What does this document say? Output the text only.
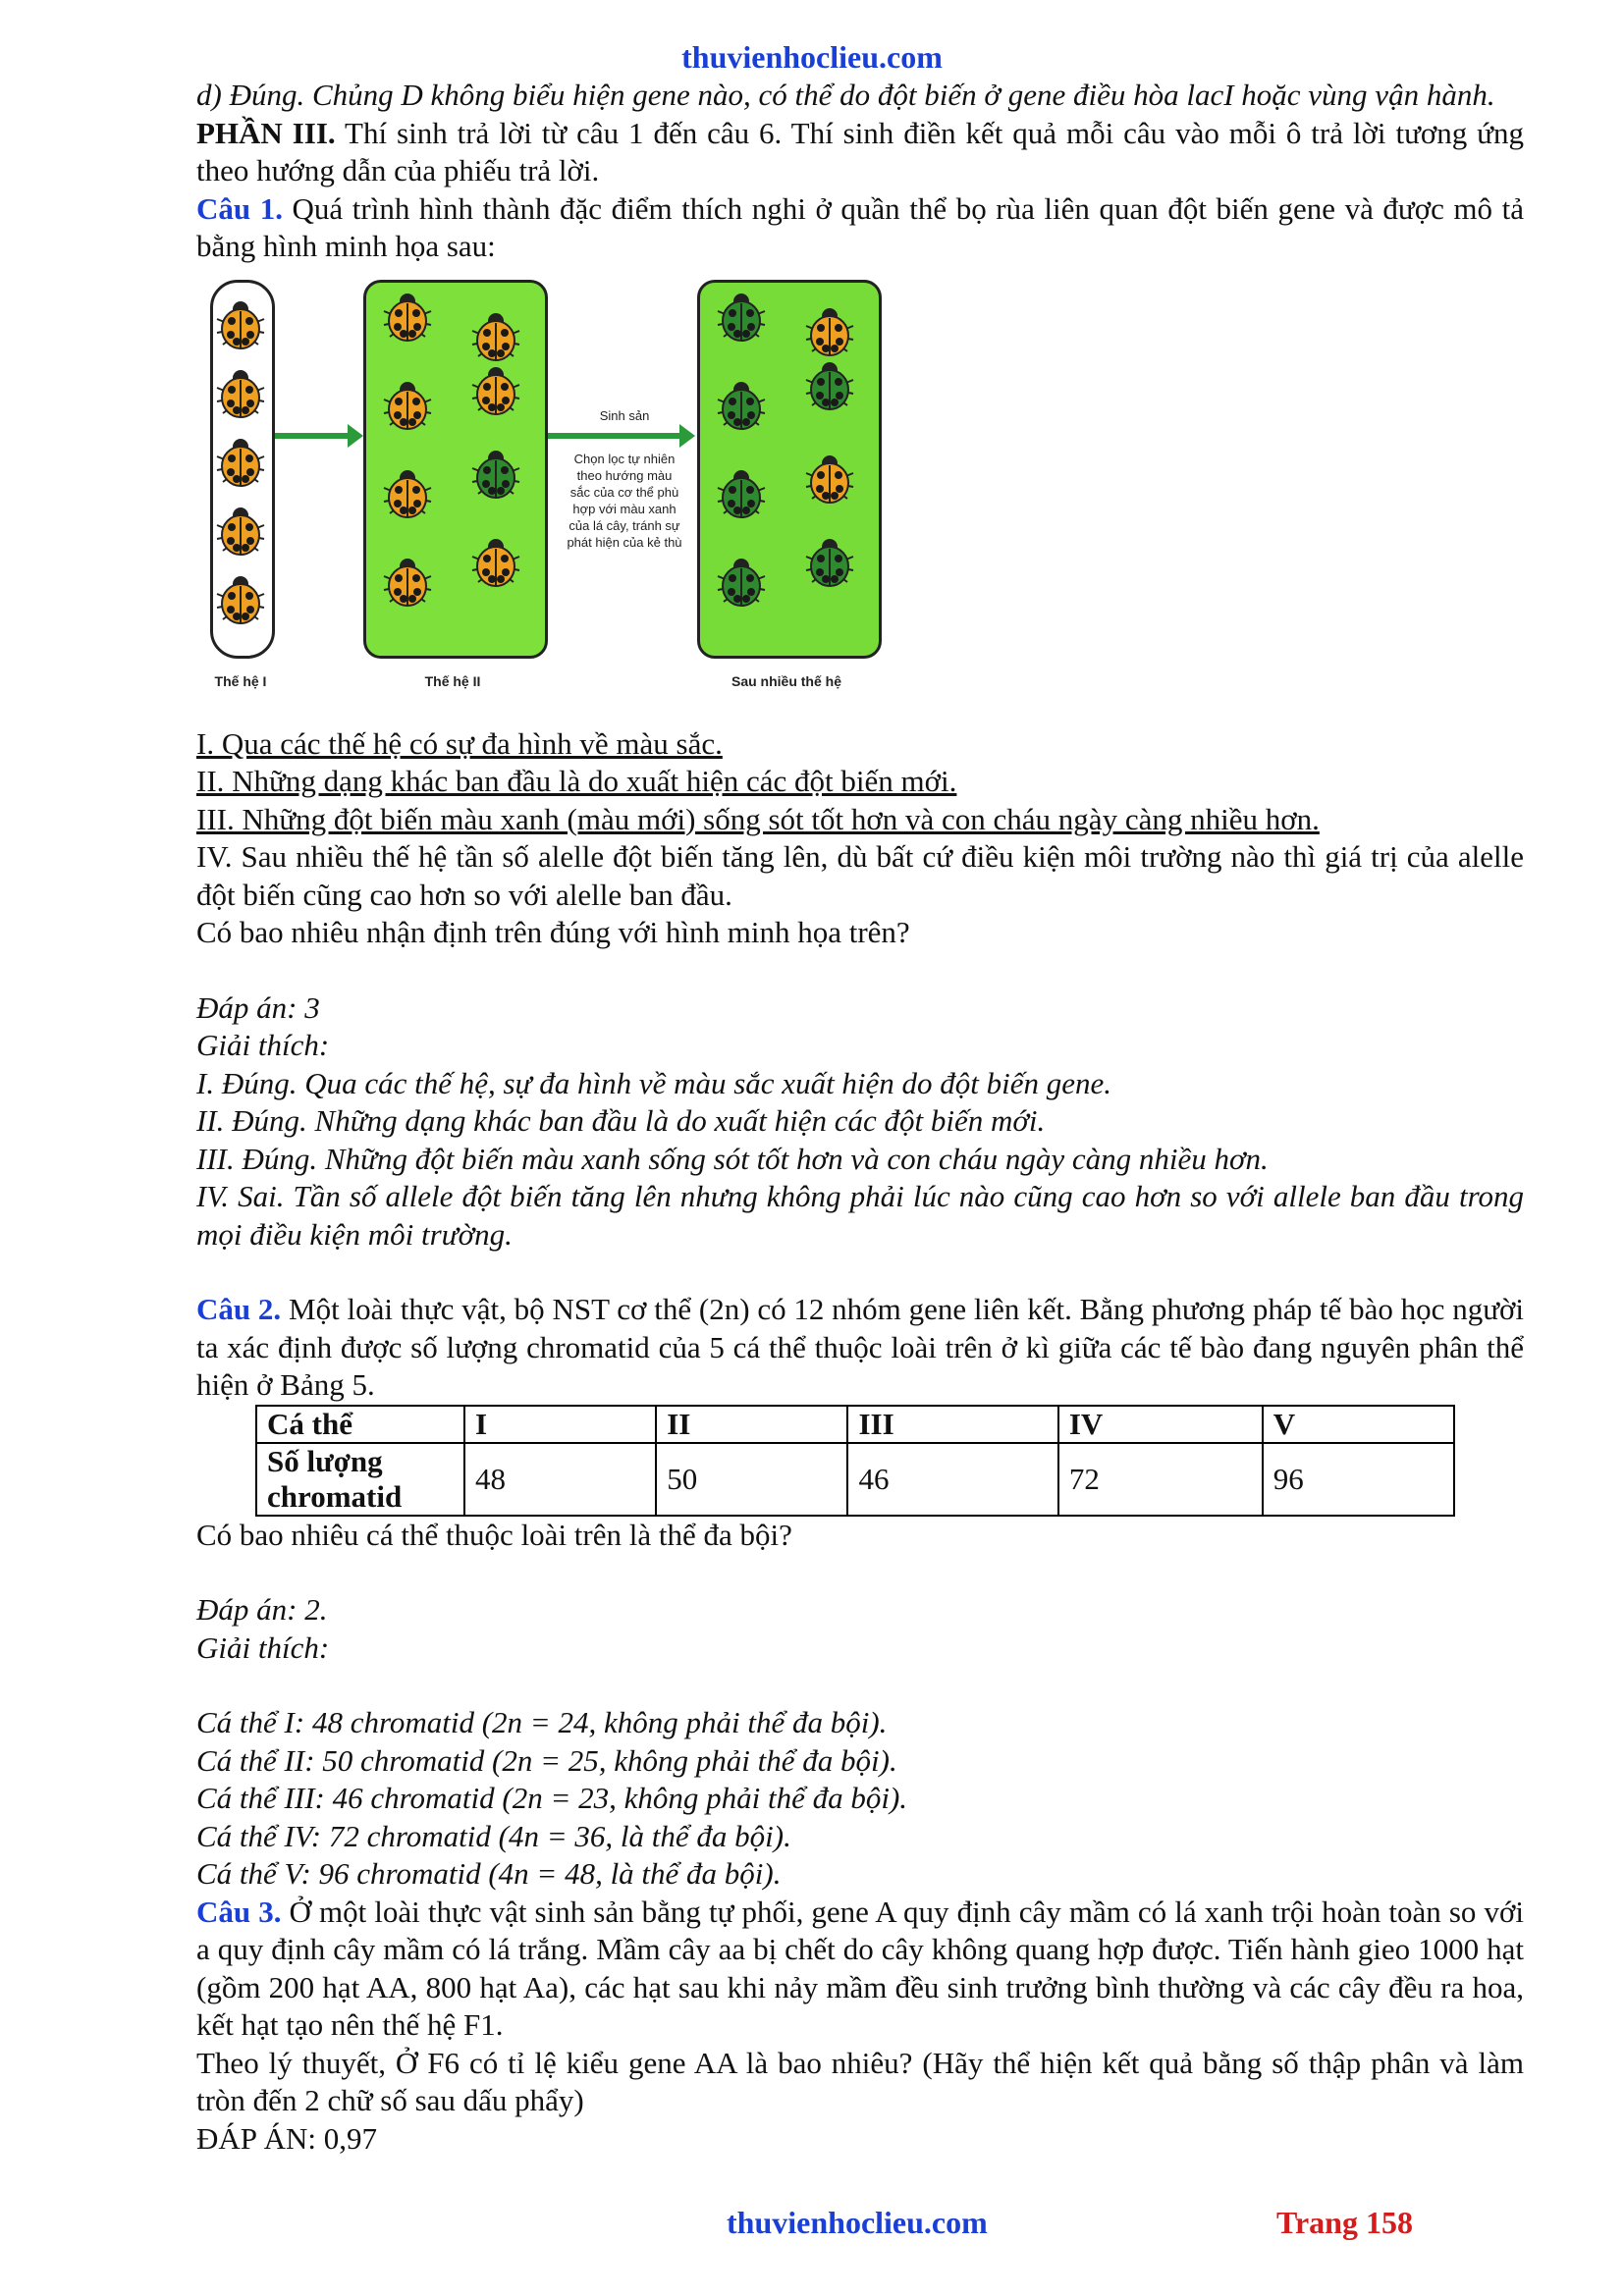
thuvienhoclieu.com

d) Đúng. Chủng D không biểu hiện gene nào, có thể do đột biến ở gene điều hòa lacI hoặc vùng vận hành.

PHẦN III. Thí sinh trả lời từ câu 1 đến câu 6. Thí sinh điền kết quả mỗi câu vào mỗi ô trả lời tương ứng theo hướng dẫn của phiếu trả lời.

Câu 1. Quá trình hình thành đặc điểm thích nghi ở quần thể bọ rùa liên quan đột biến gene và được mô tả bằng hình minh họa sau:

Sinh sản
Chọn lọc tự nhiên theo hướng màu sắc của cơ thể phù hợp với màu xanh của lá cây, tránh sự phát hiện của kẻ thù
Thế hệ I	Thế hệ II	Sau nhiều thế hệ

I. Qua các thế hệ có sự đa hình về màu sắc.

II. Những dạng khác ban đầu là do xuất hiện các đột biến mới.

III. Những đột biến màu xanh (màu mới) sống sót tốt hơn và con cháu ngày càng nhiều hơn.

IV. Sau nhiều thế hệ tần số alelle đột biến tăng lên, dù bất cứ điều kiện môi trường nào thì giá trị của alelle đột biến cũng cao hơn so với alelle ban đầu.

Có bao nhiêu nhận định trên đúng với hình minh họa trên?

Đáp án: 3

Giải thích:

I. Đúng. Qua các thế hệ, sự đa hình về màu sắc xuất hiện do đột biến gene.

II. Đúng. Những dạng khác ban đầu là do xuất hiện các đột biến mới.

III. Đúng. Những đột biến màu xanh sống sót tốt hơn và con cháu ngày càng nhiều hơn.

IV. Sai. Tần số allele đột biến tăng lên nhưng không phải lúc nào cũng cao hơn so với allele ban đầu trong mọi điều kiện môi trường.

Câu 2. Một loài thực vật, bộ NST cơ thể (2n) có 12 nhóm gene liên kết. Bằng phương pháp tế bào học người ta xác định được số lượng chromatid của 5 cá thể thuộc loài trên ở kì giữa các tế bào đang nguyên phân thể hiện ở Bảng 5.

Cá thể	I	II	III	IV	V
Số lượng chromatid	48	50	46	72	96

Có bao nhiêu cá thể thuộc loài trên là thể đa bội?

Đáp án: 2.

Giải thích:

Cá thể I: 48 chromatid (2n = 24, không phải thể đa bội).

Cá thể II: 50 chromatid (2n = 25, không phải thể đa bội).

Cá thể III: 46 chromatid (2n = 23, không phải thể đa bội).

Cá thể IV: 72 chromatid (4n = 36, là thể đa bội).

Cá thể V: 96 chromatid (4n = 48, là thể đa bội).

Câu 3. Ở một loài thực vật sinh sản bằng tự phối, gene A quy định cây mầm có lá xanh trội hoàn toàn so với a quy định cây mầm có lá trắng. Mầm cây aa bị chết do cây không quang hợp được. Tiến hành gieo 1000 hạt (gồm 200 hạt AA, 800 hạt Aa), các hạt sau khi nảy mầm đều sinh trưởng bình thường và các cây đều ra hoa, kết hạt tạo nên thế hệ F1.

Theo lý thuyết, Ở F6 có tỉ lệ kiểu gene AA là bao nhiêu? (Hãy thể hiện kết quả bằng số thập phân và làm tròn đến 2 chữ số sau dấu phẩy)

ĐÁP ÁN: 0,97

thuvienhoclieu.com	Trang 158
